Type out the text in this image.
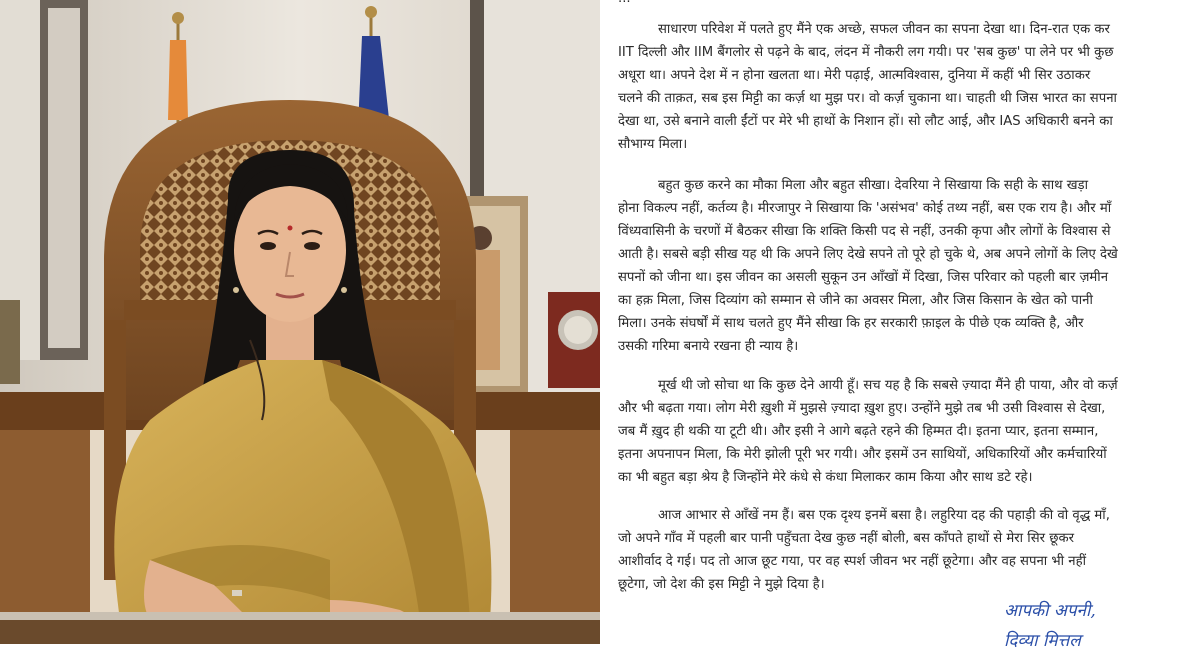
साधारण परिवेश में पलते हुए मैंने एक अच्छे, सफल जीवन का सपना देखा था। दिन-रात एक कर
IIT दिल्ली और IIM बैंगलोर से पढ़ने के बाद, लंदन में नौकरी लग गयी। पर 'सब कुछ' पा लेने पर भी कुछ
अधूरा था। अपने देश में न होना खलता था। मेरी पढ़ाई, आत्मविश्वास, दुनिया में कहीं भी सिर उठाकर
चलने की ताक़त, सब इस मिट्टी का कर्ज़ था मुझ पर। वो कर्ज़ चुकाना था। चाहती थी जिस भारत का सपना
देखा था, उसे बनाने वाली ईंटों पर मेरे भी हाथों के निशान हों। सो लौट आई, और IAS अधिकारी बनने का
सौभाग्य मिला।
बहुत कुछ करने का मौका मिला और बहुत सीखा। देवरिया ने सिखाया कि सही के साथ खड़ा
होना विकल्प नहीं, कर्तव्य है। मीरजापुर ने सिखाया कि 'असंभव' कोई तथ्य नहीं, बस एक राय है। और माँ
विंध्यवासिनी के चरणों में बैठकर सीखा कि शक्ति किसी पद से नहीं, उनकी कृपा और लोगों के विश्वास से
आती है। सबसे बड़ी सीख यह थी कि अपने लिए देखे सपने तो पूरे हो चुके थे, अब अपने लोगों के लिए देखे
सपनों को जीना था। इस जीवन का असली सुकून उन आँखों में दिखा, जिस परिवार को पहली बार ज़मीन
का हक़ मिला, जिस दिव्यांग को सम्मान से जीने का अवसर मिला, और जिस किसान के खेत को पानी
मिला। उनके संघर्षों में साथ चलते हुए मैंने सीखा कि हर सरकारी फ़ाइल के पीछे एक व्यक्ति है, और
उसकी गरिमा बनाये रखना ही न्याय है।
मूर्ख थी जो सोचा था कि कुछ देने आयी हूँ। सच यह है कि सबसे ज़्यादा मैंने ही पाया, और वो कर्ज़
और भी बढ़ता गया। लोग मेरी ख़ुशी में मुझसे ज़्यादा ख़ुश हुए। उन्होंने मुझे तब भी उसी विश्वास से देखा,
जब मैं ख़ुद ही थकी या टूटी थी। और इसी ने आगे बढ़ते रहने की हिम्मत दी। इतना प्यार, इतना सम्मान,
इतना अपनापन मिला, कि मेरी झोली पूरी भर गयी। और इसमें उन साथियों, अधिकारियों और कर्मचारियों
का भी बहुत बड़ा श्रेय है जिन्होंने मेरे कंधे से कंधा मिलाकर काम किया और साथ डटे रहे।
आज आभार से आँखें नम हैं। बस एक दृश्य इनमें बसा है। लहुरिया दह की पहाड़ी की वो वृद्ध माँ,
जो अपने गाँव में पहली बार पानी पहुँचता देख कुछ नहीं बोली, बस काँपते हाथों से मेरा सिर छूकर
आशीर्वाद दे गई। पद तो आज छूट गया, पर वह स्पर्श जीवन भर नहीं छूटेगा। और वह सपना भी नहीं
छूटेगा, जो देश की इस मिट्टी ने मुझे दिया है।
आपकी अपनी,
दिव्या मित्तल
